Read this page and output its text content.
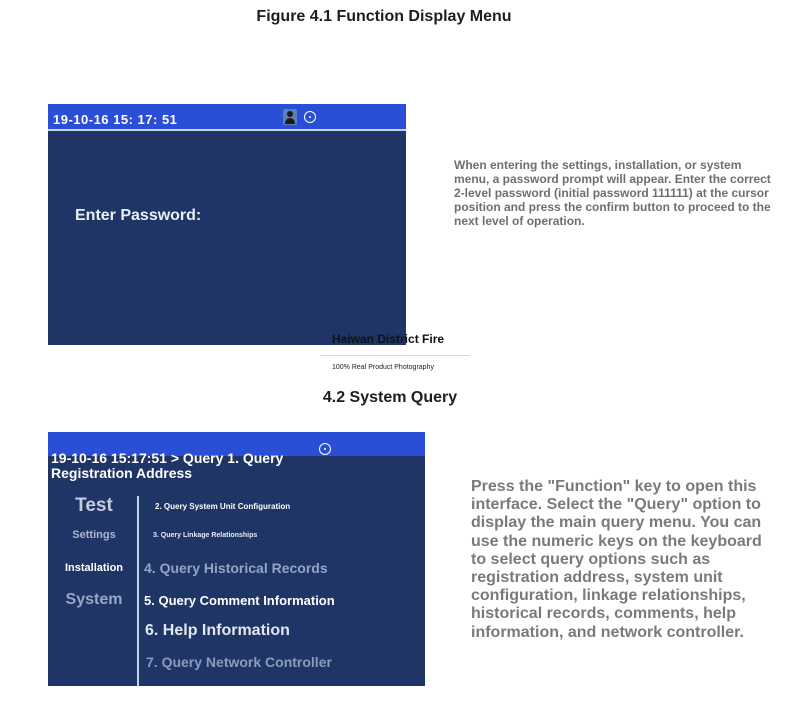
Figure 4.1 Function Display Menu
19-10-16 15: 17: 51
Enter Password:
Haiwan District Fire
100% Real Product Photography
When entering the settings, installation, or system menu, a password prompt will appear. Enter the correct 2-level password (initial password 111111) at the cursor position and press the confirm button to proceed to the next level of operation.
4.2 System Query
19-10-16 15:17:51 > Query 1. Query Registration Address
Test
Settings
Installation
System
2. Query System Unit Configuration
3. Query Linkage Relationships
4. Query Historical Records
5. Query Comment Information
6. Help Information
7. Query Network Controller
Press the "Function" key to open this interface. Select the "Query" option to display the main query menu. You can use the numeric keys on the keyboard to select query options such as registration address, system unit configuration, linkage relationships, historical records, comments, help information, and network controller.
